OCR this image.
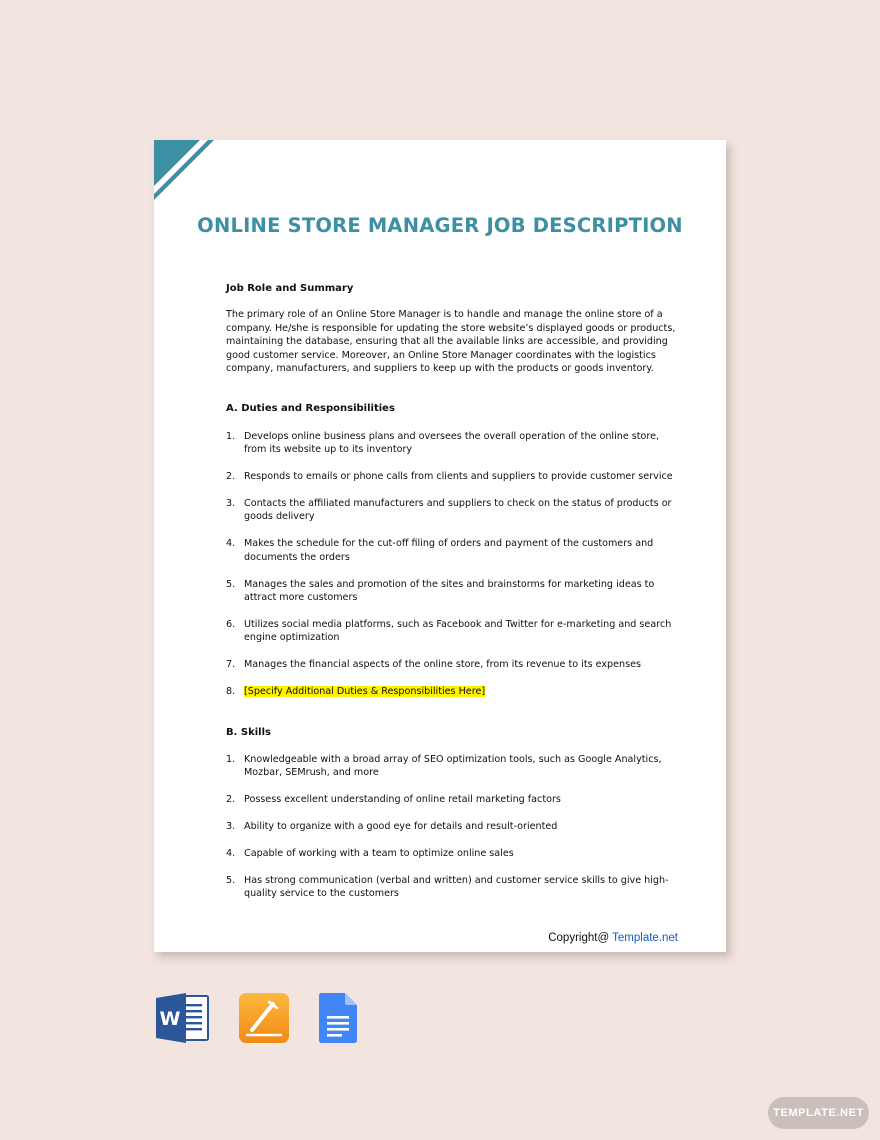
ONLINE STORE MANAGER JOB DESCRIPTION

Job Role and Summary

The primary role of an Online Store Manager is to handle and manage the online store of a company. He/she is responsible for updating the store website’s displayed goods or products, maintaining the database, ensuring that all the available links are accessible, and providing good customer service. Moreover, an Online Store Manager coordinates with the logistics company, manufacturers, and suppliers to keep up with the products or goods inventory.

A. Duties and Responsibilities

1. Develops online business plans and oversees the overall operation of the online store, from its website up to its inventory
2. Responds to emails or phone calls from clients and suppliers to provide customer service
3. Contacts the affiliated manufacturers and suppliers to check on the status of products or goods delivery
4. Makes the schedule for the cut-off filing of orders and payment of the customers and documents the orders
5. Manages the sales and promotion of the sites and brainstorms for marketing ideas to attract more customers
6. Utilizes social media platforms, such as Facebook and Twitter for e-marketing and search engine optimization
7. Manages the financial aspects of the online store, from its revenue to its expenses
8. [Specify Additional Duties & Responsibilities Here]

B. Skills

1. Knowledgeable with a broad array of SEO optimization tools, such as Google Analytics, Mozbar, SEMrush, and more
2. Possess excellent understanding of online retail marketing factors
3. Ability to organize with a good eye for details and result-oriented
4. Capable of working with a team to optimize online sales
5. Has strong communication (verbal and written) and customer service skills to give high-quality service to the customers
Copyright@ Template.net
W
TEMPLATE.NET
